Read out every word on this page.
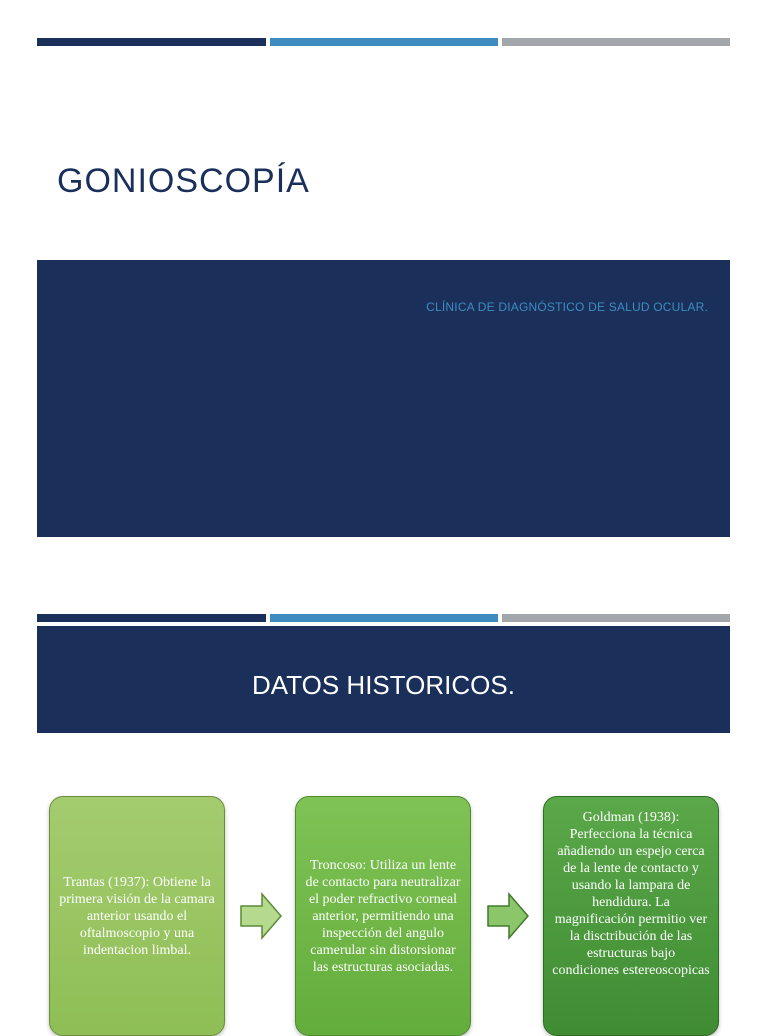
GONIOSCOPÍA
CLÍNICA DE DIAGNÓSTICO DE SALUD OCULAR.
DATOS HISTORICOS.
Trantas (1937): Obtiene la primera visión de la camara anterior usando el oftalmoscopio y una indentacion limbal.
Troncoso: Utiliza un lente de contacto para neutralizar el poder refractivo corneal anterior, permitiendo una inspección del angulo camerular sin distorsionar las estructuras asociadas.
Goldman (1938): Perfecciona la técnica añadiendo un espejo cerca de la lente de contacto y usando la lampara de hendidura. La magnificación permitio ver la disctribución de las estructuras bajo condiciones estereoscopicas
